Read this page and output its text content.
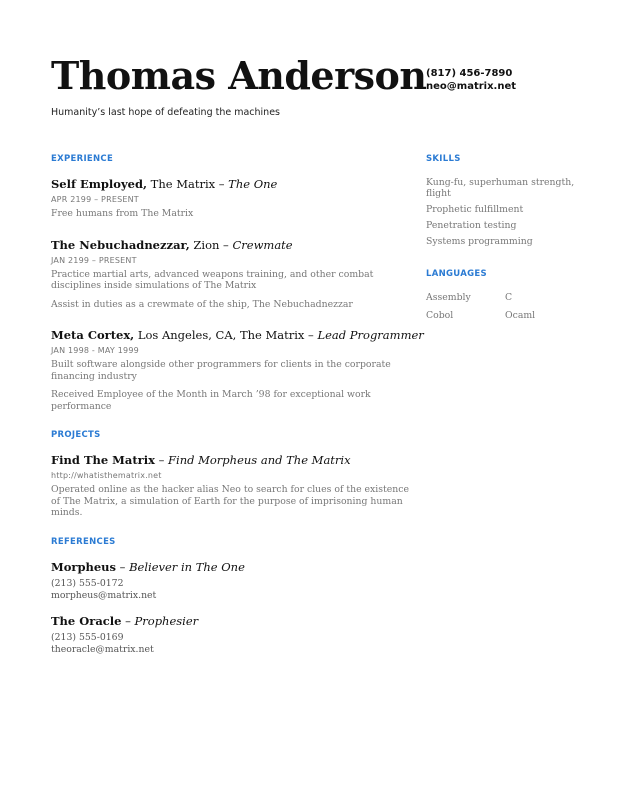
Thomas Anderson
Humanity’s last hope of defeating the machines
(817) 456-7890
neo@matrix.net
EXPERIENCE
Self Employed, The Matrix – The One
APR 2199 – PRESENT
Free humans from The Matrix
The Nebuchadnezzar, Zion – Crewmate
JAN 2199 – PRESENT
Practice martial arts, advanced weapons training, and other combat disciplines inside simulations of The Matrix
Assist in duties as a crewmate of the ship, The Nebuchadnezzar
Meta Cortex, Los Angeles, CA, The Matrix – Lead Programmer
JAN 1998 - MAY 1999
Built software alongside other programmers for clients in the corporate financing industry
Received Employee of the Month in March ’98 for exceptional work performance
PROJECTS
Find The Matrix – Find Morpheus and The Matrix
http://whatisthematrix.net
Operated online as the hacker alias Neo to search for clues of the existence of The Matrix, a simulation of Earth for the purpose of imprisoning human minds.
REFERENCES
Morpheus – Believer in The One
(213) 555-0172
morpheus@matrix.net
The Oracle – Prophesier
(213) 555-0169
theoracle@matrix.net
SKILLS
Kung-fu, superhuman strength, flight
Prophetic fulfillment
Penetration testing
Systems programming
LANGUAGES
Assembly	C
Cobol	Ocaml
